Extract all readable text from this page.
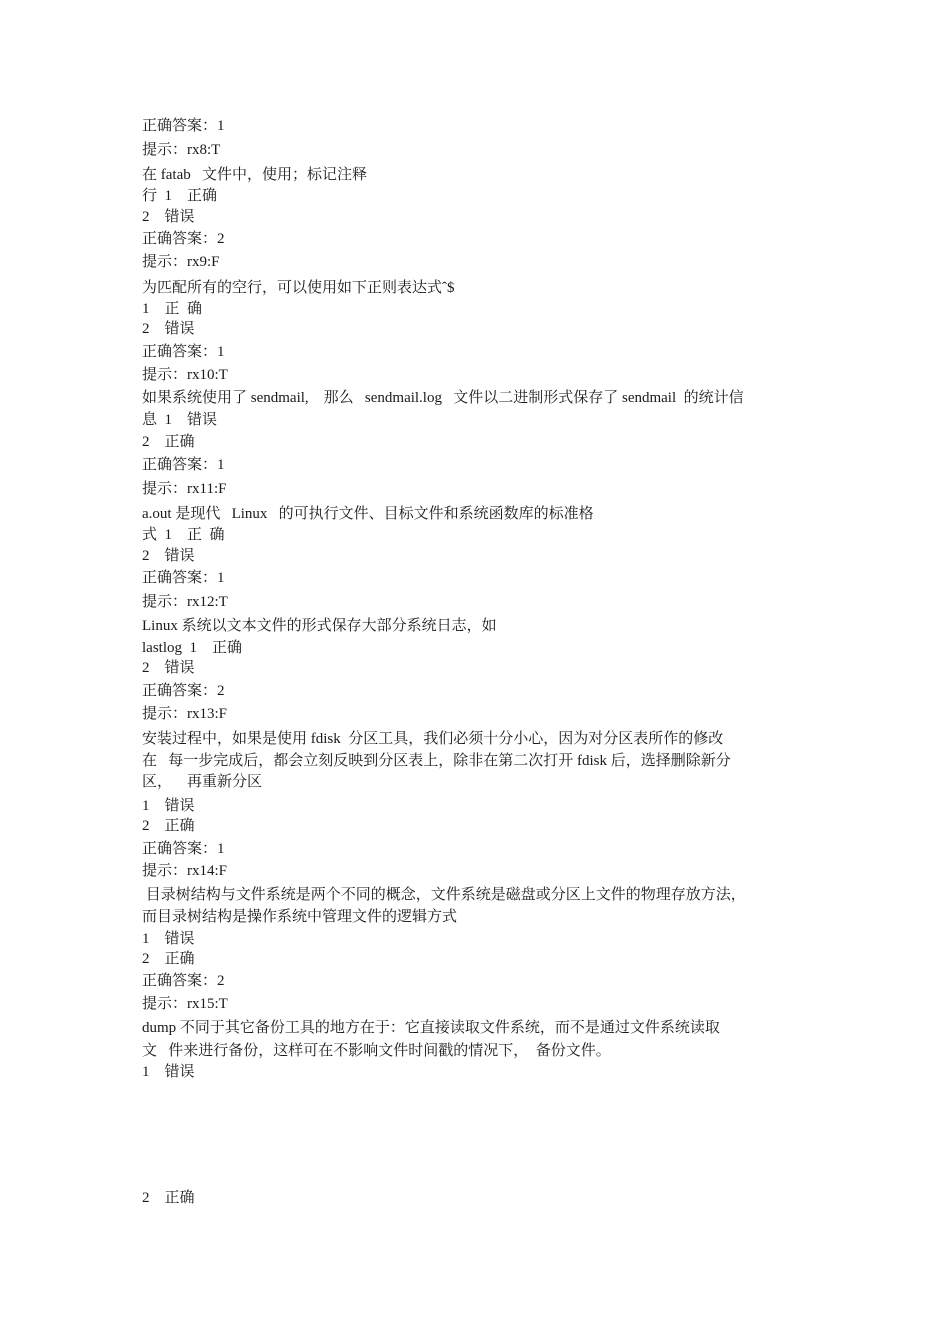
正确答案：1
提示：rx8:T
在 fatab   文件中，使用；标记注释
行  1    正确
2    错误
正确答案：2
提示：rx9:F
为匹配所有的空行，可以使用如下正则表达式ˆ$
1    正  确
2    错误
正确答案：1
提示：rx10:T
如果系统使用了 sendmail,    那么   sendmail.log   文件以二进制形式保存了 sendmail  的统计信
息  1    错误
2    正确
正确答案：1
提示：rx11:F
a.out 是现代   Linux   的可执行文件、目标文件和系统函数库的标准格
式  1    正  确
2    错误
正确答案：1
提示：rx12:T
Linux 系统以文本文件的形式保存大部分系统日志，如
lastlog  1    正确
2    错误
正确答案：2
提示：rx13:F
安装过程中，如果是使用 fdisk  分区工具，我们必须十分小心，因为对分区表所作的修改
在   每一步完成后，都会立刻反映到分区表上，除非在第二次打开 fdisk 后，选择删除新分
区，    再重新分区
1    错误
2    正确
正确答案：1
提示：rx14:F
目录树结构与文件系统是两个不同的概念，文件系统是磁盘或分区上文件的物理存放方法，
而目录树结构是操作系统中管理文件的逻辑方式
1    错误
2    正确
正确答案：2
提示：rx15:T
dump 不同于其它备份工具的地方在于：它直接读取文件系统，而不是通过文件系统读取
文   件来进行备份，这样可在不影响文件时间戳的情况下，  备份文件。
1    错误
2    正确
